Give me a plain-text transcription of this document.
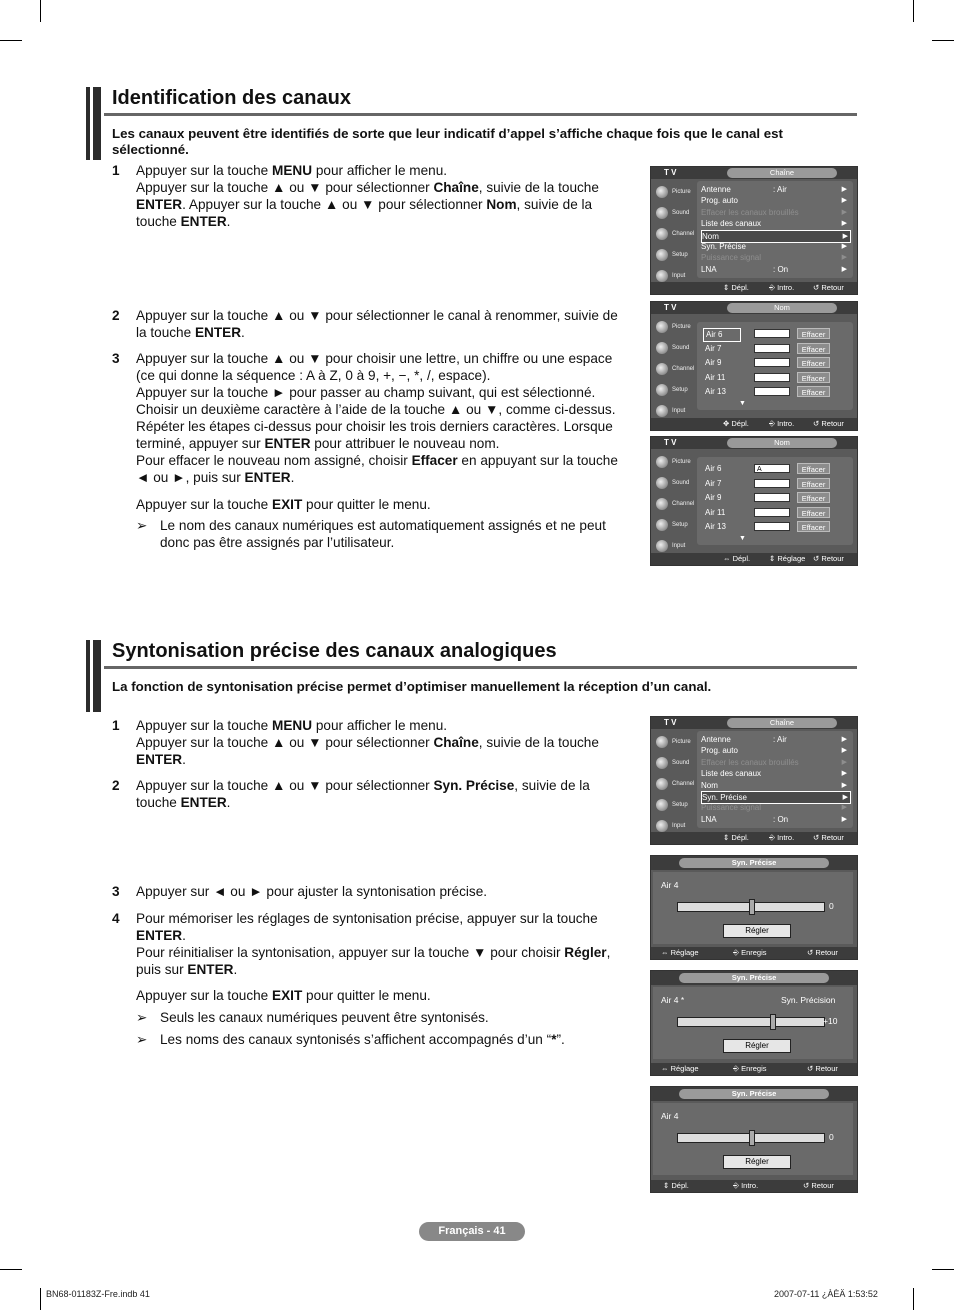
Identification des canaux
Les canaux peuvent être identifiés de sorte que leur indicatif d’appel s’affiche chaque fois que le canal est sélectionné.
1 Appuyer sur la touche MENU pour afficher le menu.
Appuyer sur la touche ▲ ou ▼ pour sélectionner Chaîne, suivie de la touche ENTER. Appuyer sur la touche ▲ ou ▼ pour sélectionner Nom, suivie de la touche ENTER.
2 Appuyer sur la touche ▲ ou ▼ pour sélectionner le canal à renommer, suivie de la touche ENTER.
3 Appuyer sur la touche ▲ ou ▼ pour choisir une lettre, un chiffre ou une espace (ce qui donne la séquence : A à Z, 0 à 9, +, −, *, /, espace).
Appuyer sur la touche ► pour passer au champ suivant, qui est sélectionné. Choisir un deuxième caractère à l’aide de la touche ▲ ou ▼, comme ci-dessus. Répéter les étapes ci-dessus pour choisir les trois derniers caractères. Lorsque terminé, appuyer sur ENTER pour attribuer le nouveau nom.
Pour effacer le nouveau nom assigné, choisir Effacer en appuyant sur la touche ◄ ou ►, puis sur ENTER.
Appuyer sur la touche EXIT pour quitter le menu.
➢ Le nom des canaux numériques est automatiquement assignés et ne peut donc pas être assignés par l’utilisateur.
T V	Chaîne
Picture
Sound
Channel
Setup
Input
Antenne	: Air	▶
Prog. auto	▶
Effacer les canaux brouillés	▶
Liste des canaux	▶
Nom	▶
Syn. Précise	▶
Puissance signal	▶
LNA	: On	▶
⇕ Dépl.	⎆ Intro.	↺ Retour
T V	Nom
Picture
Sound
Channel
Setup
Input
Air 6	Effacer
Air 7	Effacer
Air 9	Effacer
Air 11	Effacer
Air 13	Effacer
▼
✥ Dépl.	⎆ Intro.	↺ Retour
T V	Nom
Picture
Sound
Channel
Setup
Input
Air 6	A	Effacer
Air 7	Effacer
Air 9	Effacer
Air 11	Effacer
Air 13	Effacer
▼
⇔ Dépl.	⇕ Réglage ↺ Retour
Syntonisation précise des canaux analogiques
La fonction de syntonisation précise permet d’optimiser manuellement la réception d’un canal.
1 Appuyer sur la touche MENU pour afficher le menu.
Appuyer sur la touche ▲ ou ▼ pour sélectionner Chaîne, suivie de la touche ENTER.
2 Appuyer sur la touche ▲ ou ▼ pour sélectionner Syn. Précise, suivie de la touche ENTER.
3 Appuyer sur ◄ ou ► pour ajuster la syntonisation précise.
4 Pour mémoriser les réglages de syntonisation précise, appuyer sur la touche ENTER.
Pour réinitialiser la syntonisation, appuyer sur la touche ▼ pour choisir Régler, puis sur ENTER.
Appuyer sur la touche EXIT pour quitter le menu.
➢ Seuls les canaux numériques peuvent être syntonisés.
➢ Les noms des canaux syntonisés s’affichent accompagnés d’un “*”.
T V	Chaîne
Picture
Sound
Channel
Setup
Input
Antenne	: Air	▶
Prog. auto	▶
Effacer les canaux brouillés	▶
Liste des canaux	▶
Nom	▶
Syn. Précise	▶
Puissance signal	▶
LNA	: On	▶
⇕ Dépl.	⎆ Intro.	↺ Retour
Syn. Précise
Air 4
0
Régler
⇔ Réglage	⎆ Enregis	↺ Retour
Syn. Précise
Air 4 *	Syn. Précision
+10
Régler
⇔ Réglage	⎆ Enregis	↺ Retour
Syn. Précise
Air 4
0
Régler
⇕ Dépl.	⎆ Intro.	↺ Retour
Français - 41
BN68-01183Z-Fre.indb 41	2007-07-11 ¿ÀÈÄ 1:53:52
